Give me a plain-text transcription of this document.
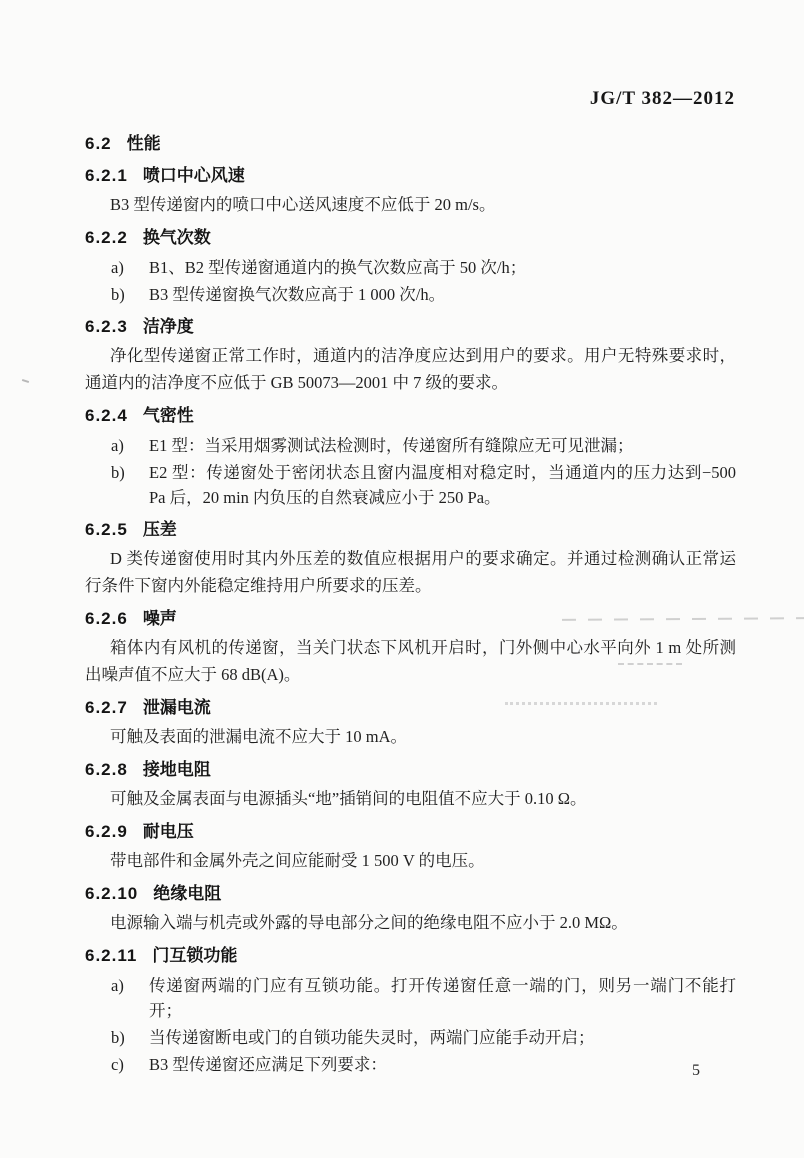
JG/T 382—2012
6.2 性能
6.2.1 喷口中心风速

B3 型传递窗内的喷口中心送风速度不应低于 20 m/s。

6.2.2 换气次数
a)	B1、B2 型传递窗通道内的换气次数应高于 50 次/h；
b)	B3 型传递窗换气次数应高于 1 000 次/h。
6.2.3 洁净度

净化型传递窗正常工作时，通道内的洁净度应达到用户的要求。用户无特殊要求时，通道内的洁净度不应低于 GB 50073—2001 中 7 级的要求。

6.2.4 气密性
a)	E1 型：当采用烟雾测试法检测时，传递窗所有缝隙应无可见泄漏；
b)	E2 型：传递窗处于密闭状态且窗内温度相对稳定时，当通道内的压力达到−500 Pa 后，20 min 内负压的自然衰减应小于 250 Pa。
6.2.5 压差

D 类传递窗使用时其内外压差的数值应根据用户的要求确定。并通过检测确认正常运行条件下窗内外能稳定维持用户所要求的压差。

6.2.6 噪声

箱体内有风机的传递窗，当关门状态下风机开启时，门外侧中心水平向外 1 m 处所测出噪声值不应大于 68 dB(A)。

6.2.7 泄漏电流

可触及表面的泄漏电流不应大于 10 mA。

6.2.8 接地电阻

可触及金属表面与电源插头“地”插销间的电阻值不应大于 0.10 Ω。

6.2.9 耐电压

带电部件和金属外壳之间应能耐受 1 500 V 的电压。

6.2.10 绝缘电阻

电源输入端与机壳或外露的导电部分之间的绝缘电阻不应小于 2.0 MΩ。

6.2.11 门互锁功能
a)	传递窗两端的门应有互锁功能。打开传递窗任意一端的门，则另一端门不能打开；
b)	当传递窗断电或门的自锁功能失灵时，两端门应能手动开启；
c)	B3 型传递窗还应满足下列要求：	5
